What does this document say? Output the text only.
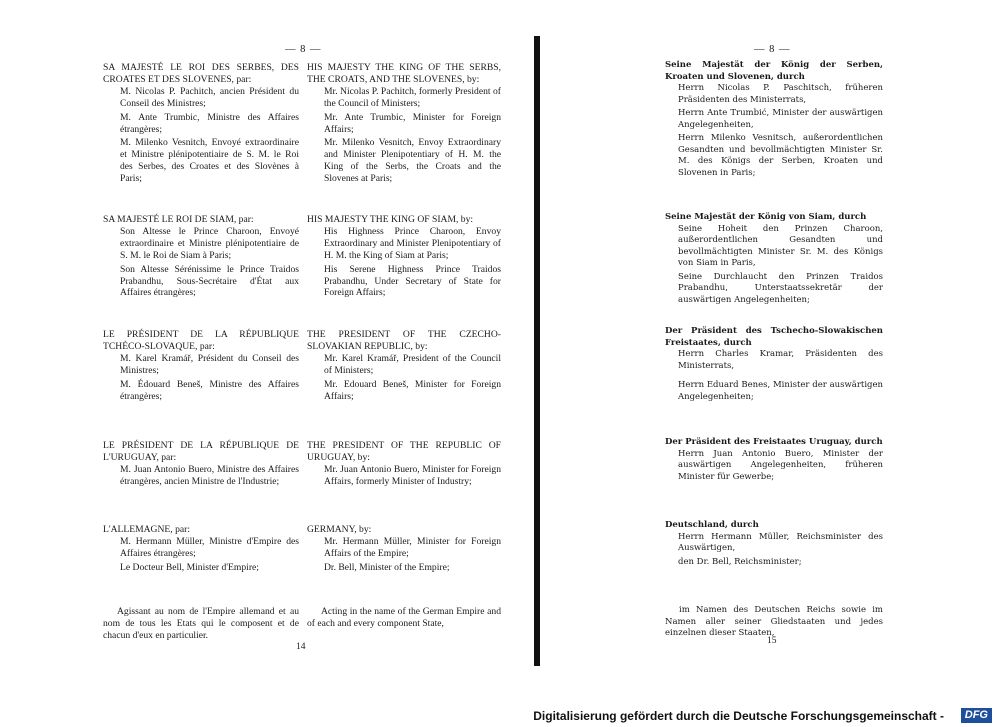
— 8 —
SA MAJESTÉ LE ROI DES SERBES, DES CROATES ET DES SLOVENES, par:
M. Nicolas P. Pachitch, ancien Président du Conseil des Ministres;
M. Ante Trumbic, Ministre des Affaires étrangères;
M. Milenko Vesnitch, Envoyé extraordinaire et Ministre plénipotentiaire de S. M. le Roi des Serbes, des Croates et des Slovènes à Paris;
SA MAJESTÉ LE ROI DE SIAM, par:
Son Altesse le Prince Charoon, Envoyé extraordinaire et Ministre plénipotentiaire de S. M. le Roi de Siam à Paris;
Son Altesse Sérénissime le Prince Traidos Prabandhu, Sous-Secrétaire d'État aux Affaires étrangères;
LE PRÉSIDENT DE LA RÉPUBLIQUE TCHÉCO-SLOVAQUE, par:
M. Karel Kramář, Président du Conseil des Ministres;
M. Édouard Beneš, Ministre des Affaires étrangères;
LE PRÉSIDENT DE LA RÉPUBLIQUE DE L'URUGUAY, par:
M. Juan Antonio Buero, Ministre des Affaires étrangères, ancien Ministre de l'Industrie;
L'ALLEMAGNE, par:
M. Hermann Müller, Ministre d'Empire des Affaires étrangères;
Le Docteur Bell, Minister d'Empire;
Agissant au nom de l'Empire allemand et au nom de tous les Etats qui le composent et de chacun d'eux en particulier.
HIS MAJESTY THE KING OF THE SERBS, THE CROATS, AND THE SLOVENES, by:
Mr. Nicolas P. Pachitch, formerly President of the Council of Ministers;
Mr. Ante Trumbic, Minister for Foreign Affairs;
Mr. Milenko Vesnitch, Envoy Extraordinary and Minister Plenipotentiary of H. M. the King of the Serbs, the Croats and the Slovenes at Paris;
HIS MAJESTY THE KING OF SIAM, by:
His Highness Prince Charoon, Envoy Extraordinary and Minister Plenipotentiary of H. M. the King of Siam at Paris;
His Serene Highness Prince Traidos Prabandhu, Under Secretary of State for Foreign Affairs;
THE PRESIDENT OF THE CZECHO-SLOVAKIAN REPUBLIC, by:
Mr. Karel Kramář, President of the Council of Ministers;
Mr. Edouard Beneš, Minister for Foreign Affairs;
THE PRESIDENT OF THE REPUBLIC OF URUGUAY, by:
Mr. Juan Antonio Buero, Minister for Foreign Affairs, formerly Minister of Industry;
GERMANY, by:
Mr. Hermann Müller, Minister for Foreign Affairs of the Empire;
Dr. Bell, Minister of the Empire;
Acting in the name of the German Empire and of each and every component State,
14
— 8 —
Seine Majestät der König der Serben, Kroaten und Slovenen, durch
Herrn Nicolas P. Paschitsch, früheren Präsidenten des Ministerrats,
Herrn Ante Trumbić, Minister der auswärtigen Angelegenheiten,
Herrn Milenko Vesnitsch, außerordentlichen Gesandten und bevollmächtigten Minister Sr. M. des Königs der Serben, Kroaten und Slovenen in Paris;
Seine Majestät der König von Siam, durch
Seine Hoheit den Prinzen Charoon, außerordentlichen Gesandten und bevollmächtigten Minister Sr. M. des Königs von Siam in Paris,
Seine Durchlaucht den Prinzen Traidos Prabandhu, Unterstaatssekretär der auswärtigen Angelegenheiten;
Der Präsident des Tschecho-Slowakischen Freistaates, durch
Herrn Charles Kramar, Präsidenten des Ministerrats,
Herrn Eduard Benes, Minister der auswärtigen Angelegenheiten;
Der Präsident des Freistaates Uruguay, durch
Herrn Juan Antonio Buero, Minister der auswärtigen Angelegenheiten, früheren Minister für Gewerbe;
Deutschland, durch
Herrn Hermann Müller, Reichsminister des Auswärtigen,
den Dr. Bell, Reichsminister;
im Namen des Deutschen Reichs sowie im Namen aller seiner Gliedstaaten und jedes einzelnen dieser Staaten,
15
Digitalisierung gefördert durch die Deutsche Forschungsgemeinschaft -	DFG
